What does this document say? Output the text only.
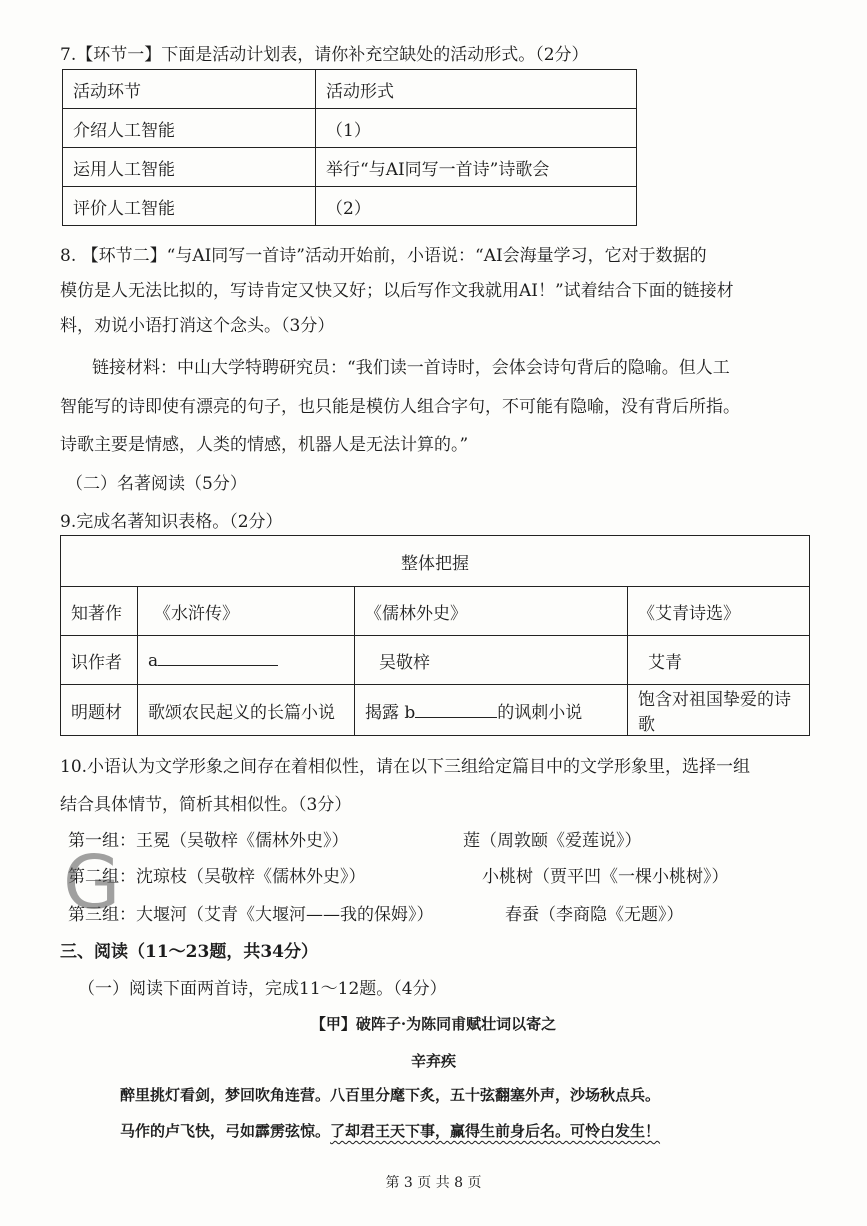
7.【环节一】下面是活动计划表，请你补充空缺处的活动形式。（2分）
活动环节	活动形式
介绍人工智能	（1）
运用人工智能	举行“与AI同写一首诗”诗歌会
评价人工智能	（2）
8. 【环节二】“与AI同写一首诗”活动开始前，小语说：“AI会海量学习，它对于数据的
模仿是人无法比拟的，写诗肯定又快又好；以后写作文我就用AI！”试着结合下面的链接材
料，劝说小语打消这个念头。（3分）
链接材料：中山大学特聘研究员：“我们读一首诗时，会体会诗句背后的隐喻。但人工
智能写的诗即使有漂亮的句子，也只能是模仿人组合字句，不可能有隐喻，没有背后所指。
诗歌主要是情感，人类的情感，机器人是无法计算的。”
（二）名著阅读（5分）
9.完成名著知识表格。（2分）
整体把握			
知著作	《水浒传》	《儒林外史》	《艾青诗选》
识作者	a	吴敬梓	艾青
明题材	歌颂农民起义的长篇小说	揭露 b 的讽刺小说	饱含对祖国挚爱的诗歌
10.小语认为文学形象之间存在着相似性，请在以下三组给定篇目中的文学形象里，选择一组
结合具体情节，简析其相似性。（3分）
第一组：王冕（吴敬梓《儒林外史》）	莲（周敦颐《爱莲说》）
第二组：沈琼枝（吴敬梓《儒林外史》）	小桃树（贾平凹《一棵小桃树》）
第三组：大堰河（艾青《大堰河——我的保姆》）	春蚕（李商隐《无题》）
G
三、阅读（11～23题，共34分）
（一）阅读下面两首诗，完成11～12题。（4分）
【甲】破阵子·为陈同甫赋壮词以寄之
辛弃疾
醉里挑灯看剑，梦回吹角连营。八百里分麾下炙，五十弦翻塞外声，沙场秋点兵。
马作的卢飞快，弓如霹雳弦惊。了却君王天下事，赢得生前身后名。可怜白发生！
第 3 页 共 8 页
